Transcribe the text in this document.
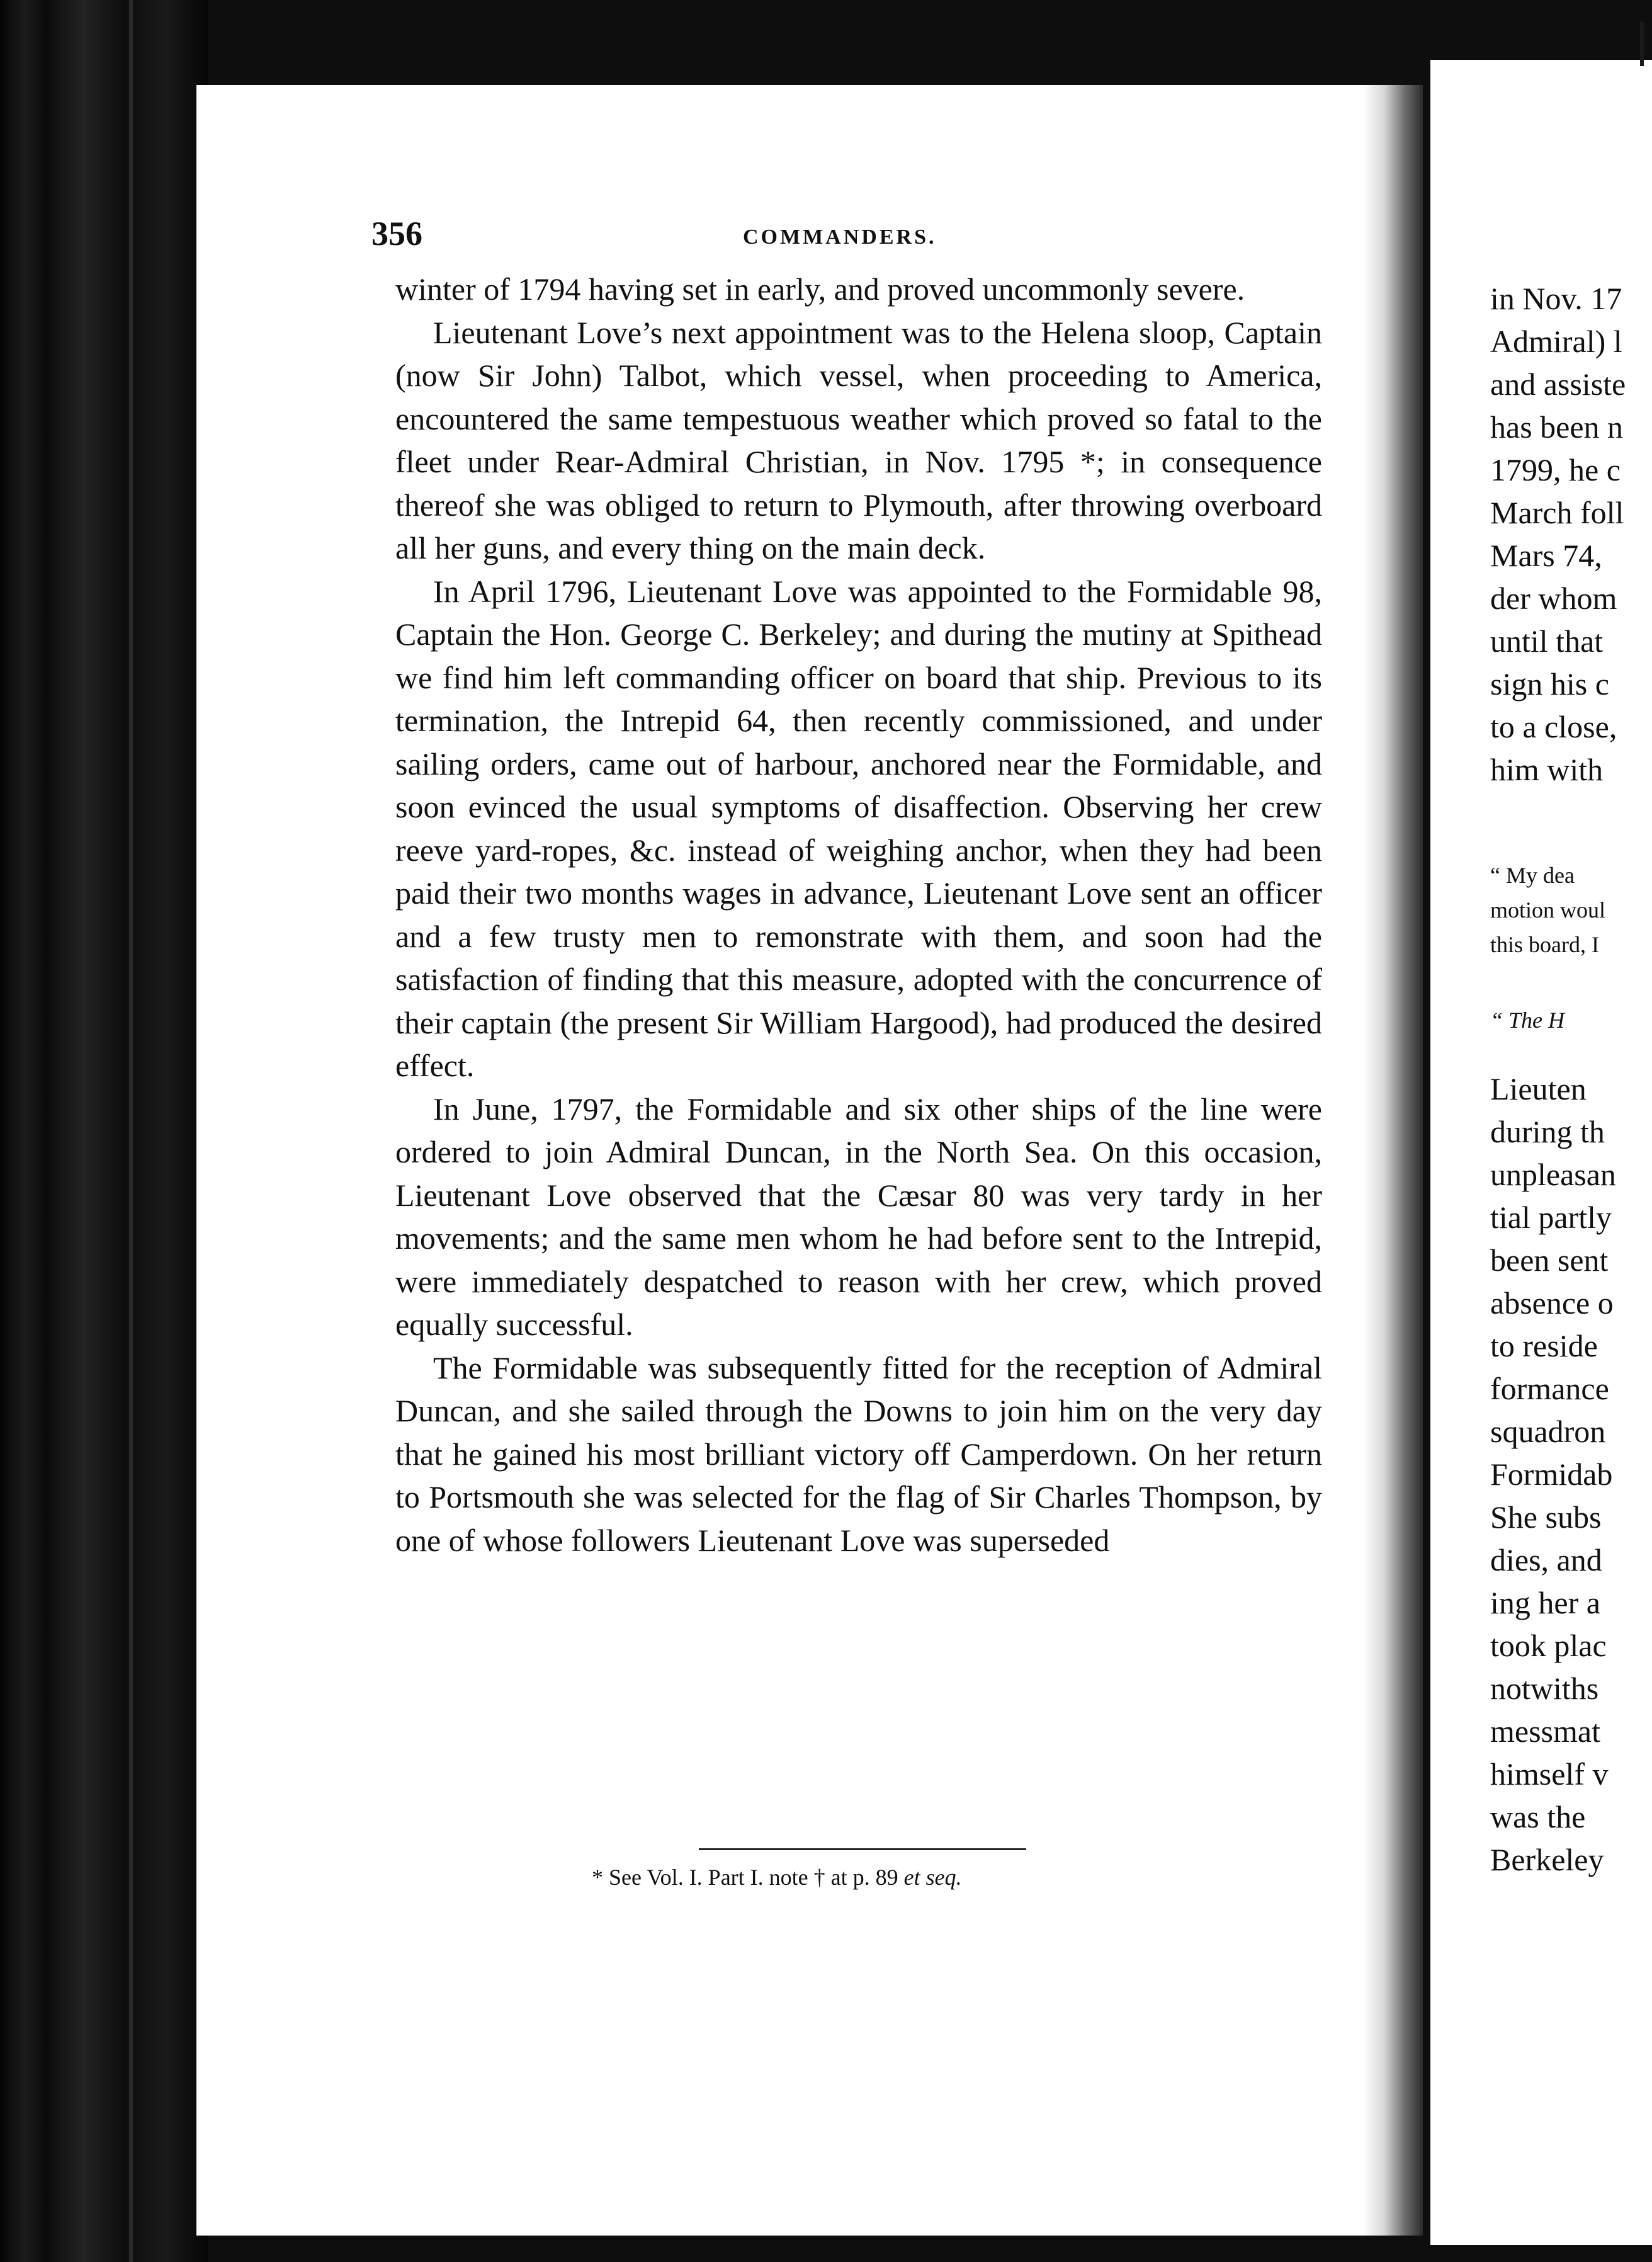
356	COMMANDERS.

winter of 1794 having set in early, and proved uncommonly severe.

Lieutenant Love’s next appointment was to the Helena sloop, Captain (now Sir John) Talbot, which vessel, when proceeding to America, encountered the same tempestuous weather which proved so fatal to the fleet under Rear-Admiral Christian, in Nov. 1795 *; in consequence thereof she was obliged to return to Plymouth, after throwing overboard all her guns, and every thing on the main deck.

In April 1796, Lieutenant Love was appointed to the Formidable 98, Captain the Hon. George C. Berkeley; and during the mutiny at Spithead we find him left commanding officer on board that ship. Previous to its termination, the Intrepid 64, then recently commissioned, and under sailing orders, came out of harbour, anchored near the Formidable, and soon evinced the usual symptoms of disaffection. Observing her crew reeve yard-ropes, &c. instead of weighing anchor, when they had been paid their two months wages in advance, Lieutenant Love sent an officer and a few trusty men to remonstrate with them, and soon had the satisfaction of finding that this measure, adopted with the concurrence of their captain (the present Sir William Hargood), had produced the desired effect.

In June, 1797, the Formidable and six other ships of the line were ordered to join Admiral Duncan, in the North Sea. On this occasion, Lieutenant Love observed that the Cæsar 80 was very tardy in her movements; and the same men whom he had before sent to the Intrepid, were immediately despatched to reason with her crew, which proved equally successful.

The Formidable was subsequently fitted for the reception of Admiral Duncan, and she sailed through the Downs to join him on the very day that he gained his most brilliant victory off Camperdown. On her return to Portsmouth she was selected for the flag of Sir Charles Thompson, by one of whose followers Lieutenant Love was superseded

* See Vol. I. Part I. note † at p. 89 et seq.
in Nov. 17
Admiral) l
and assiste
has been n
1799, he c
March foll
Mars 74,
der whom
until that
sign his c
to a close,
him with
“ My dea
motion woul
this board, I
“ The H
Lieuten
during th
unpleasan
tial partly
been sent
absence o
to reside
formance
squadron
Formidab
She subs
dies, and
ing her a
took plac
notwiths
messmat
himself v
was the
Berkeley
